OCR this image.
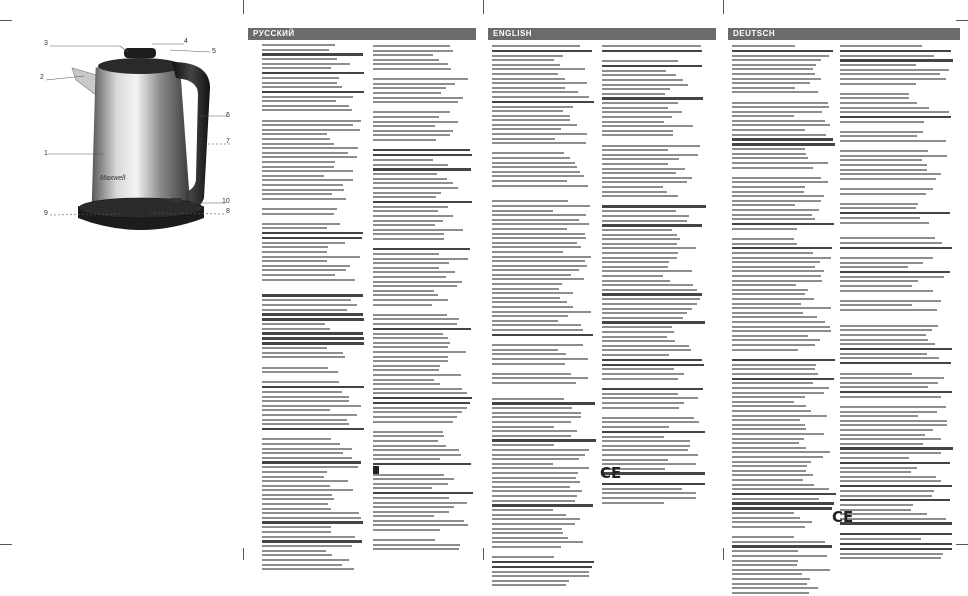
Maxwell
3	4
5
2
6
7
1
10
8
9
РУССКИЙ	ENGLISH
CE
DEUTSCH
CE
